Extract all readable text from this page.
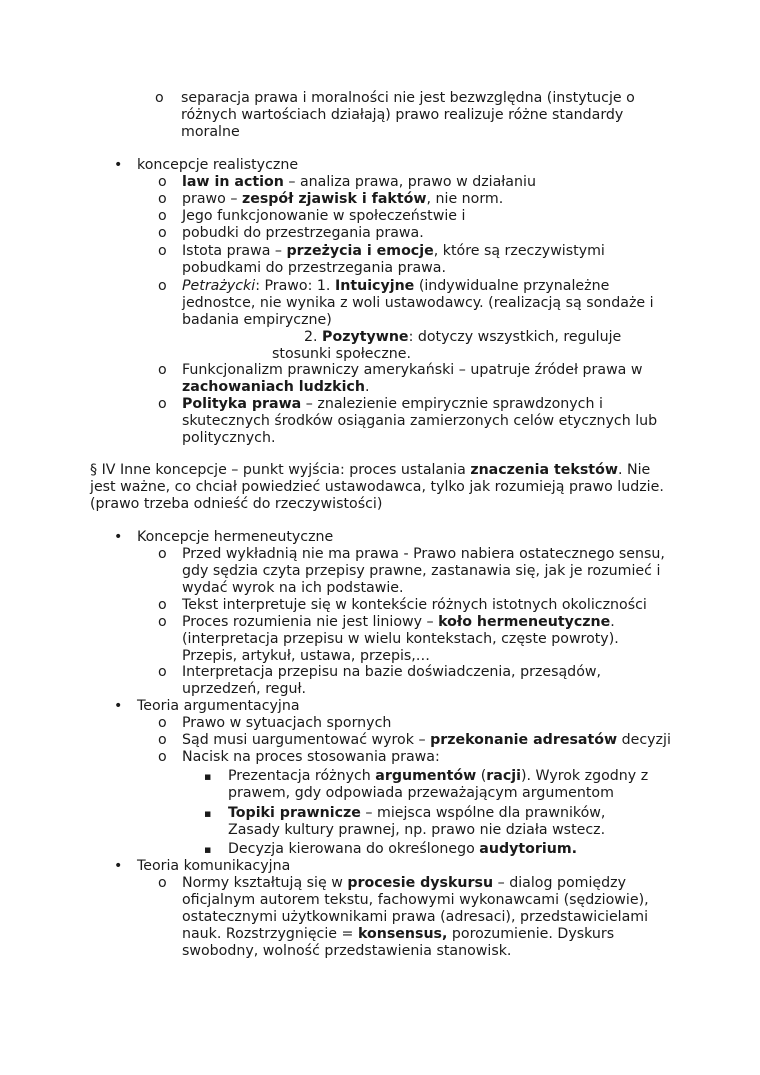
o separacja prawa i moralności nie jest bezwzględna (instytucje o różnych wartościach działają) prawo realizuje różne standardy moralne
• koncepcje realistyczne
o law in action – analiza prawa, prawo w działaniu
o prawo – zespół zjawisk i faktów, nie norm.
o Jego funkcjonowanie w społeczeństwie i
o pobudki do przestrzegania prawa.
o Istota prawa – przeżycia i emocje, które są rzeczywistymi pobudkami do przestrzegania prawa.
o Petrażycki: Prawo: 1. Intuicyjne (indywidualne przynależne jednostce, nie wynika z woli ustawodawcy. (realizacją są sondaże i badania empiryczne)
2. Pozytywne: dotyczy wszystkich, reguluje
stosunki społeczne.
o Funkcjonalizm prawniczy amerykański – upatruje źródeł prawa w zachowaniach ludzkich.
o Polityka prawa – znalezienie empirycznie sprawdzonych i skutecznych środków osiągania zamierzonych celów etycznych lub politycznych.
§ IV Inne koncepcje – punkt wyjścia: proces ustalania znaczenia tekstów. Nie jest ważne, co chciał powiedzieć ustawodawca, tylko jak rozumieją prawo ludzie. (prawo trzeba odnieść do rzeczywistości)
• Koncepcje hermeneutyczne
o Przed wykładnią nie ma prawa - Prawo nabiera ostatecznego sensu, gdy sędzia czyta przepisy prawne, zastanawia się, jak je rozumieć i wydać wyrok na ich podstawie.
o Tekst interpretuje się w kontekście różnych istotnych okoliczności
o Proces rozumienia nie jest liniowy – koło hermeneutyczne. (interpretacja przepisu w wielu kontekstach, częste powroty). Przepis, artykuł, ustawa, przepis,…
o Interpretacja przepisu na bazie doświadczenia, przesądów, uprzedzeń, reguł.
• Teoria argumentacyjna
o Prawo w sytuacjach spornych
o Sąd musi uargumentować wyrok – przekonanie adresatów decyzji
o Nacisk na proces stosowania prawa:
▪ Prezentacja różnych argumentów (racji). Wyrok zgodny z prawem, gdy odpowiada przeważającym argumentom
▪ Topiki prawnicze – miejsca wspólne dla prawników, Zasady kultury prawnej, np. prawo nie działa wstecz.
▪ Decyzja kierowana do określonego audytorium.
• Teoria komunikacyjna
o Normy kształtują się w procesie dyskursu – dialog pomiędzy oficjalnym autorem tekstu, fachowymi wykonawcami (sędziowie), ostatecznymi użytkownikami prawa (adresaci), przedstawicielami nauk. Rozstrzygnięcie = konsensus, porozumienie. Dyskurs swobodny, wolność przedstawienia stanowisk.
